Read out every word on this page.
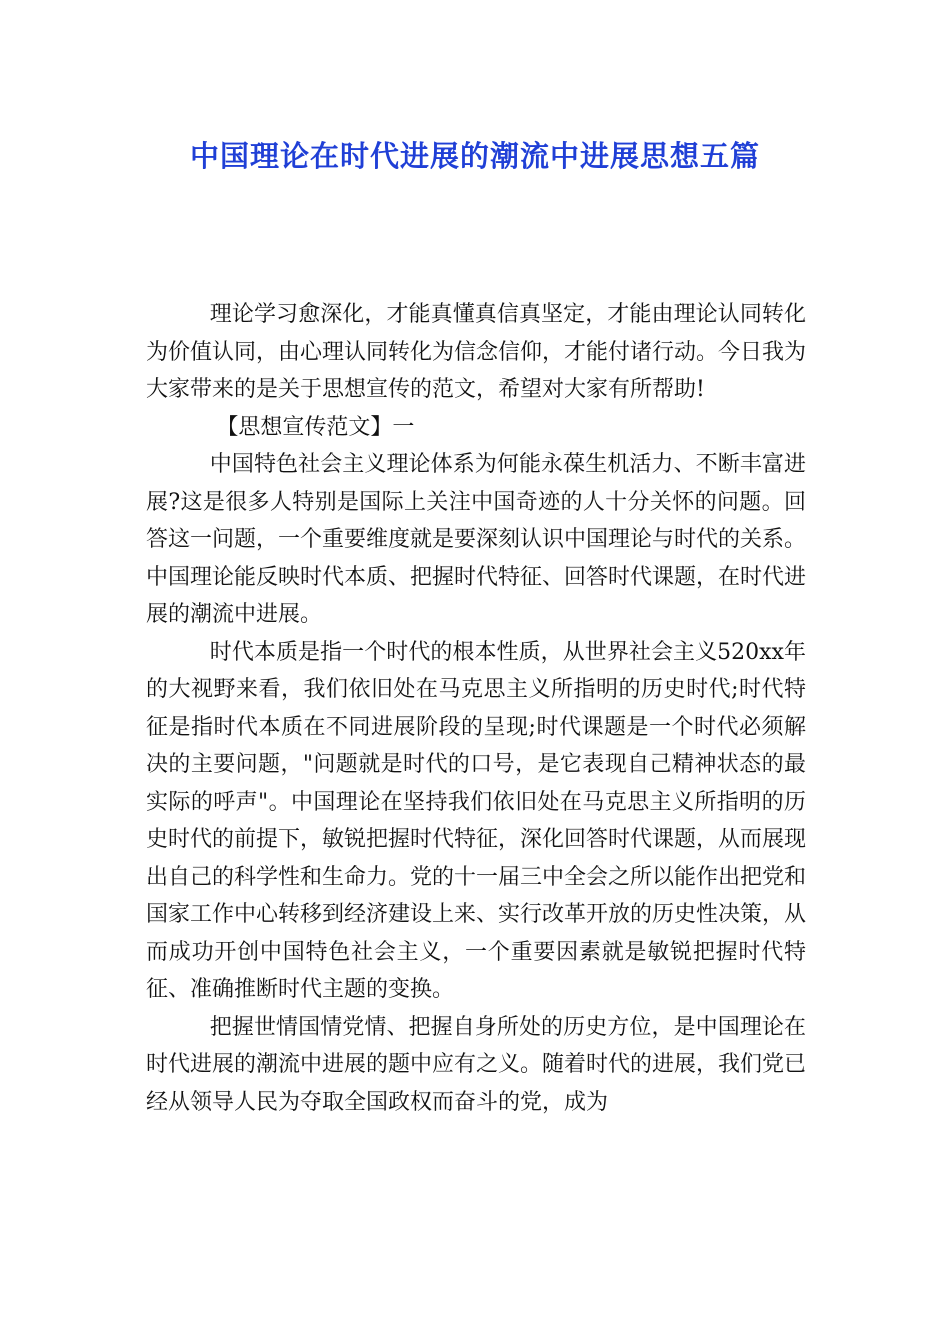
中国理论在时代进展的潮流中进展思想五篇

理论学习愈深化，才能真懂真信真坚定，才能由理论认同转化为价值认同，由心理认同转化为信念信仰，才能付诸行动。今日我为大家带来的是关于思想宣传的范文，希望对大家有所帮助!

【思想宣传范文】一

中国特色社会主义理论体系为何能永葆生机活力、不断丰富进展?这是很多人特别是国际上关注中国奇迹的人十分关怀的问题。回答这一问题，一个重要维度就是要深刻认识中国理论与时代的关系。中国理论能反映时代本质、把握时代特征、回答时代课题，在时代进展的潮流中进展。

时代本质是指一个时代的根本性质，从世界社会主义520xx年的大视野来看，我们依旧处在马克思主义所指明的历史时代;时代特征是指时代本质在不同进展阶段的呈现;时代课题是一个时代必须解决的主要问题，"问题就是时代的口号，是它表现自己精神状态的最实际的呼声"。中国理论在坚持我们依旧处在马克思主义所指明的历史时代的前提下，敏锐把握时代特征，深化回答时代课题，从而展现出自己的科学性和生命力。党的十一届三中全会之所以能作出把党和国家工作中心转移到经济建设上来、实行改革开放的历史性决策，从而成功开创中国特色社会主义，一个重要因素就是敏锐把握时代特征、准确推断时代主题的变换。

把握世情国情党情、把握自身所处的历史方位，是中国理论在时代进展的潮流中进展的题中应有之义。随着时代的进展，我们党已经从领导人民为夺取全国政权而奋斗的党，成为
